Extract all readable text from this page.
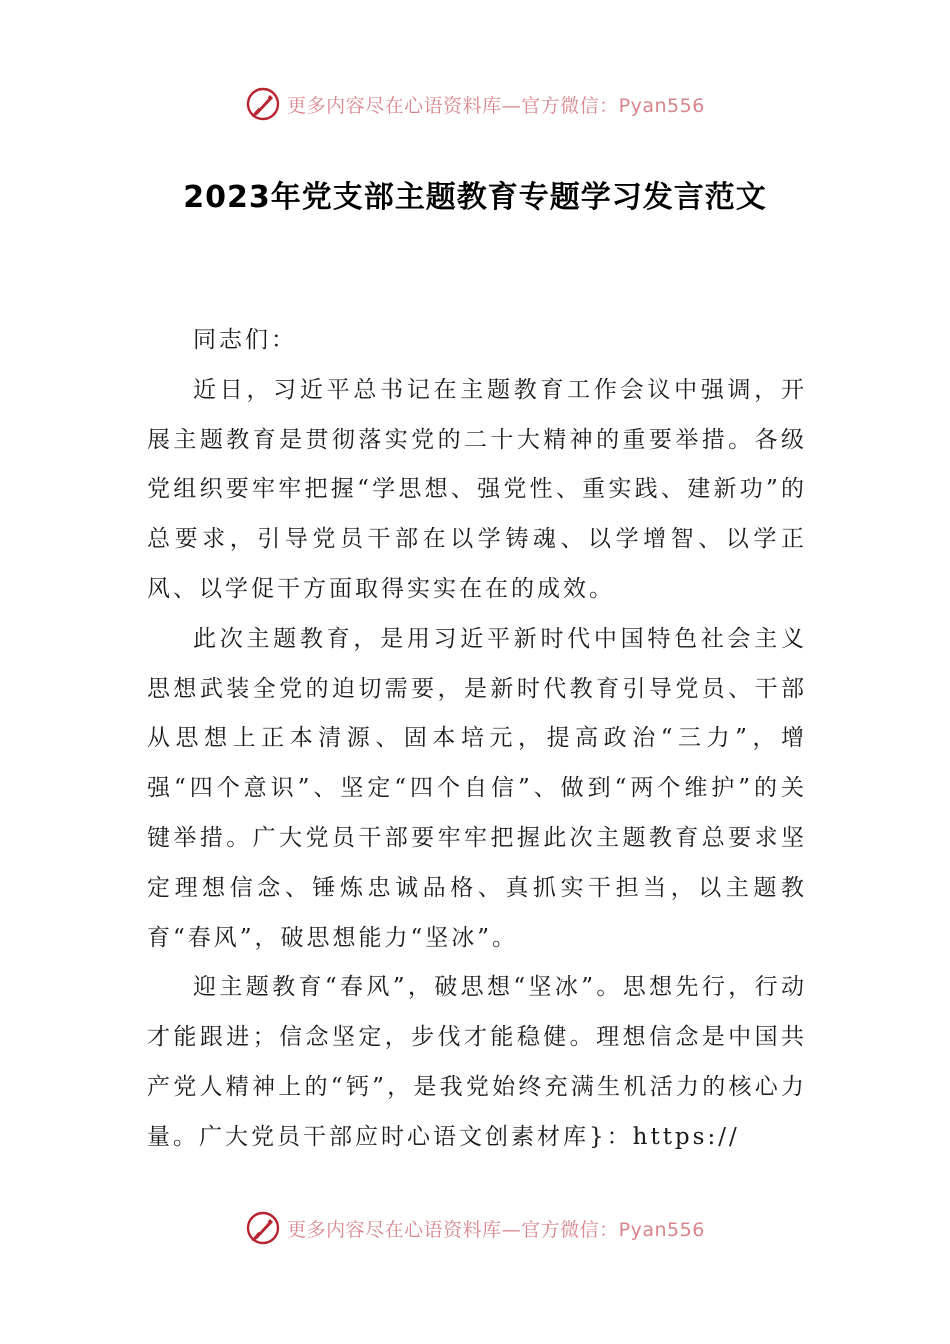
更多内容尽在心语资料库—官方微信：Pyan556
2023年党支部主题教育专题学习发言范文

同志们：

近日，习近平总书记在主题教育工作会议中强调，开展主题教育是贯彻落实党的二十大精神的重要举措。各级党组织要牢牢把握“学思想、强党性、重实践、建新功”的总要求，引导党员干部在以学铸魂、以学增智、以学正风、以学促干方面取得实实在在的成效。

此次主题教育，是用习近平新时代中国特色社会主义思想武装全党的迫切需要，是新时代教育引导党员、干部从思想上正本清源、固本培元，提高政治“三力”，增强“四个意识”、坚定“四个自信”、做到“两个维护”的关键举措。广大党员干部要牢牢把握此次主题教育总要求坚定理想信念、锤炼忠诚品格、真抓实干担当，以主题教育“春风”，破思想能力“坚冰”。

迎主题教育“春风”，破思想“坚冰”。思想先行，行动才能跟进；信念坚定，步伐才能稳健。理想信念是中国共产党人精神上的“钙”，是我党始终充满生机活力的核心力量。广大党员干部应时心语文创素材库}：https://

更多内容尽在心语资料库—官方微信：Pyan556
